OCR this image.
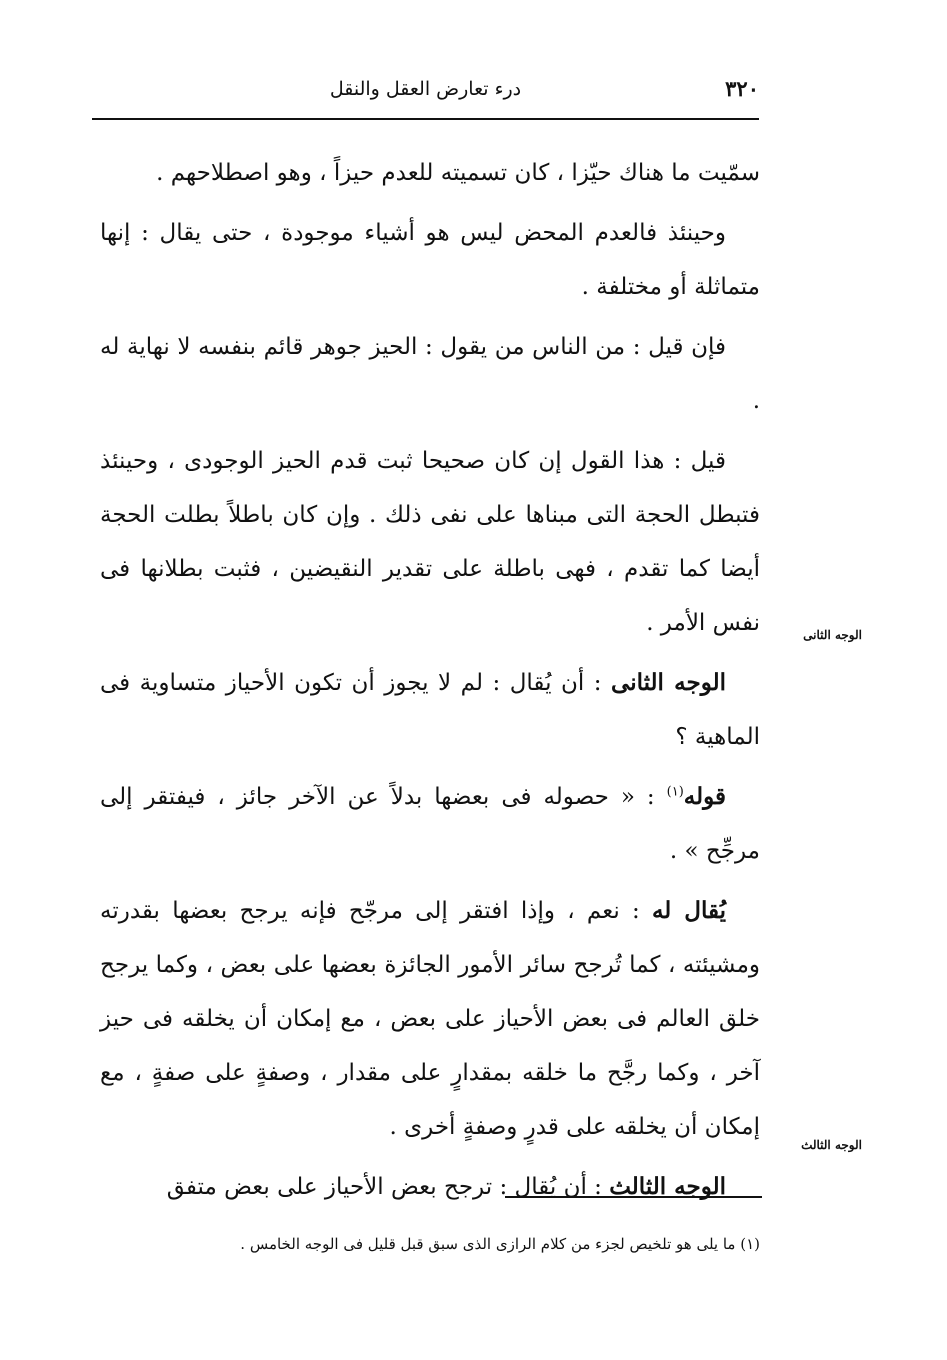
٣٢٠
درء تعارض العقل والنقل

سمّيت ما هناك حيّزا ، كان تسميته للعدم حيزاً ، وهو اصطلاحهم .

وحينئذ فالعدم المحض ليس هو أشياء موجودة ، حتى يقال : إنها متماثلة أو مختلفة .

فإن قيل : من الناس من يقول : الحيز جوهر قائم بنفسه لا نهاية له .

قيل : هذا القول إن كان صحيحا ثبت قدم الحيز الوجودى ، وحينئذ فتبطل الحجة التى مبناها على نفى ذلك . وإن كان باطلاً بطلت الحجة أيضا كما تقدم ، فهى باطلة على تقدير النقيضين ، فثبت بطلانها فى نفس الأمر .

الوجه الثانى : أن يُقال : لم لا يجوز أن تكون الأحياز متساوية فى الماهية ؟

قوله$^{(١)}$ : « حصوله فى بعضها بدلاً عن الآخر جائز ، فيفتقر إلى مرجِّح » .

يُقال له : نعم ، وإذا افتقر إلى مرجّح فإنه يرجح بعضها بقدرته ومشيئته ، كما تُرجح سائر الأمور الجائزة بعضها على بعض ، وكما يرجح خلق العالم فى بعض الأحياز على بعض ، مع إمكان أن يخلقه فى حيز آخر ، وكما رجَّح ما خلقه بمقدارٍ على مقدار ، وصفةٍ على صفةٍ ، مع إمكان أن يخلقه على قدرٍ وصفةٍ أخرى .

الوجه الثالث : أن يُقال : ترجح بعض الأحياز على بعض متفق

الوجه الثانى
الوجه الثالث
(١) ما يلى هو تلخيص لجزء من كلام الرازى الذى سبق قبل قليل فى الوجه الخامس .
